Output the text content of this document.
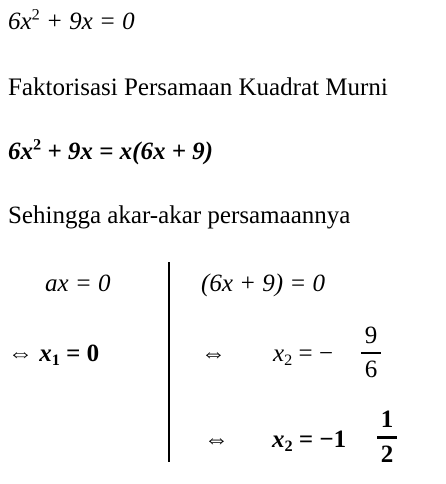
$6x^2 + 9x = 0$
Faktorisasi Persamaan Kuadrat Murni
$6x^2 + 9x = x(6x + 9)$
Sehingga akar-akar persamaannya
ax = 0
⇔ $x_1 = 0$
(6x + 9) = 0
⇔ $x_2$ = −
9
6
⇔ $x_2 = -1$
1
2
